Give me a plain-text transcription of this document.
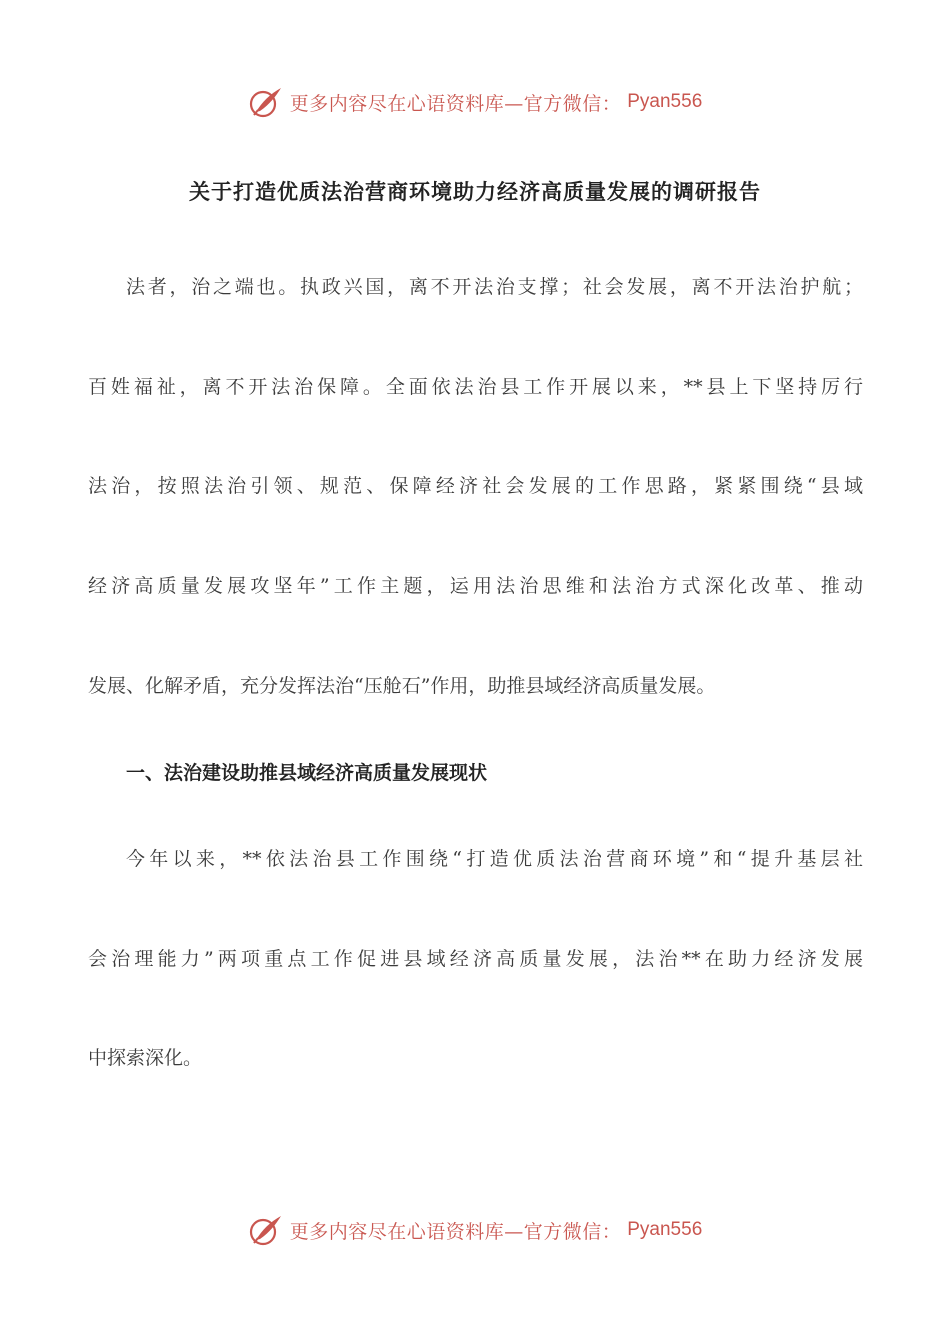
更多内容尽在心语资料库—官方微信： Pyan556
关于打造优质法治营商环境助力经济高质量发展的调研报告
法者，治之端也。执政兴国，离不开法治支撑；社会发展，离不开法治护航；
百姓福祉，离不开法治保障。全面依法治县工作开展以来，**县上下坚持厉行
法治，按照法治引领、规范、保障经济社会发展的工作思路，紧紧围绕“县域
经济高质量发展攻坚年”工作主题，运用法治思维和法治方式深化改革、推动
发展、化解矛盾，充分发挥法治“压舱石”作用，助推县域经济高质量发展。
一、法治建设助推县域经济高质量发展现状
今年以来，**依法治县工作围绕“打造优质法治营商环境”和“提升基层社
会治理能力”两项重点工作促进县域经济高质量发展，法治**在助力经济发展
中探索深化。
更多内容尽在心语资料库—官方微信： Pyan556
